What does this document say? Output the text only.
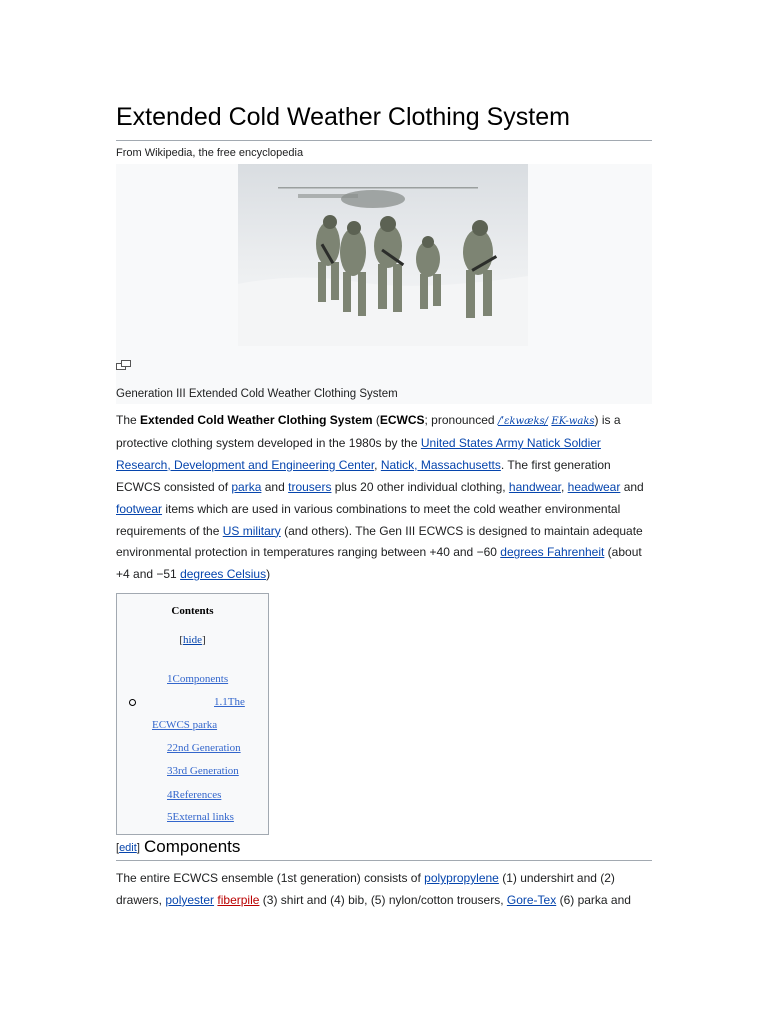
Extended Cold Weather Clothing System
From Wikipedia, the free encyclopedia
Generation III Extended Cold Weather Clothing System
The Extended Cold Weather Clothing System (ECWCS; pronounced /ˈɛkwæks/ EK-waks) is a protective clothing system developed in the 1980s by the United States Army Natick Soldier Research, Development and Engineering Center, Natick, Massachusetts. The first generation ECWCS consisted of parka and trousers plus 20 other individual clothing, handwear, headwear and footwear items which are used in various combinations to meet the cold weather environmental requirements of the US military (and others). The Gen III ECWCS is designed to maintain adequate environmental protection in temperatures ranging between +40 and −60 degrees Fahrenheit (about +4 and −51 degrees Celsius)
Contents
[hide]
1Components
1.1The
ECWCS parka
22nd Generation
33rd Generation
4References
5External links
[edit] Components
The entire ECWCS ensemble (1st generation) consists of polypropylene (1) undershirt and (2) drawers, polyester fiberpile (3) shirt and (4) bib, (5) nylon/cotton trousers, Gore-Tex (6) parka and
